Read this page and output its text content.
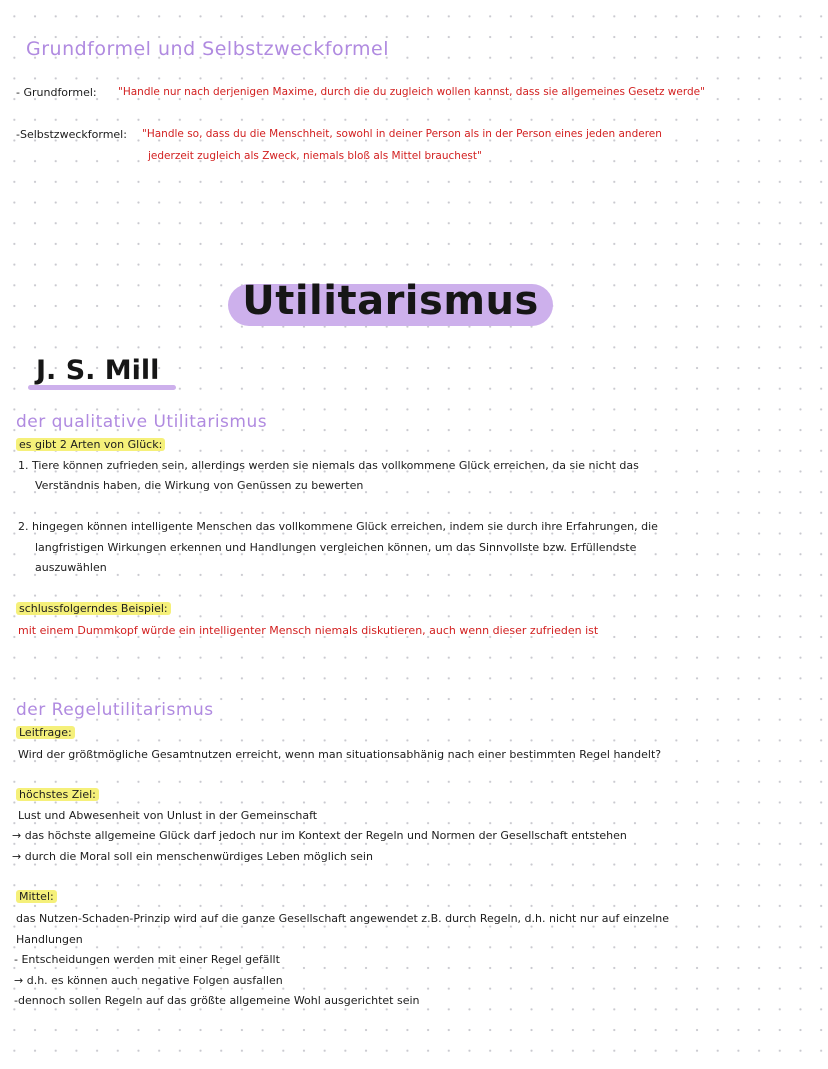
Grundformel und Selbstzweckformel
- Grundformel: "Handle nur nach derjenigen Maxime, durch die du zugleich wollen kannst, dass sie allgemeines Gesetz werde"
-Selbstzweckformel: "Handle so, dass du die Menschheit, sowohl in deiner Person als in der Person eines jeden anderen
jederzeit zugleich als Zweck, niemals bloß als Mittel brauchest"
Utilitarismus
J. S. Mill
der qualitative Utilitarismus
es gibt 2 Arten von Glück:
1. Tiere können zufrieden sein, allerdings werden sie niemals das vollkommene Glück erreichen, da sie nicht das
Verständnis haben, die Wirkung von Genüssen zu bewerten
2. hingegen können intelligente Menschen das vollkommene Glück erreichen, indem sie durch ihre Erfahrungen, die
langfristigen Wirkungen erkennen und Handlungen vergleichen können, um das Sinnvollste bzw. Erfüllendste
auszuwählen
schlussfolgerndes Beispiel:
mit einem Dummkopf würde ein intelligenter Mensch niemals diskutieren, auch wenn dieser zufrieden ist
der Regelutilitarismus
Leitfrage:
Wird der größtmögliche Gesamtnutzen erreicht, wenn man situationsabhänig nach einer bestimmten Regel handelt?
höchstes Ziel:
Lust und Abwesenheit von Unlust in der Gemeinschaft
→ das höchste allgemeine Glück darf jedoch nur im Kontext der Regeln und Normen der Gesellschaft entstehen
→ durch die Moral soll ein menschenwürdiges Leben möglich sein
Mittel:
das Nutzen-Schaden-Prinzip wird auf die ganze Gesellschaft angewendet z.B. durch Regeln, d.h. nicht nur auf einzelne
Handlungen
- Entscheidungen werden mit einer Regel gefällt
→ d.h. es können auch negative Folgen ausfallen
-dennoch sollen Regeln auf das größte allgemeine Wohl ausgerichtet sein
